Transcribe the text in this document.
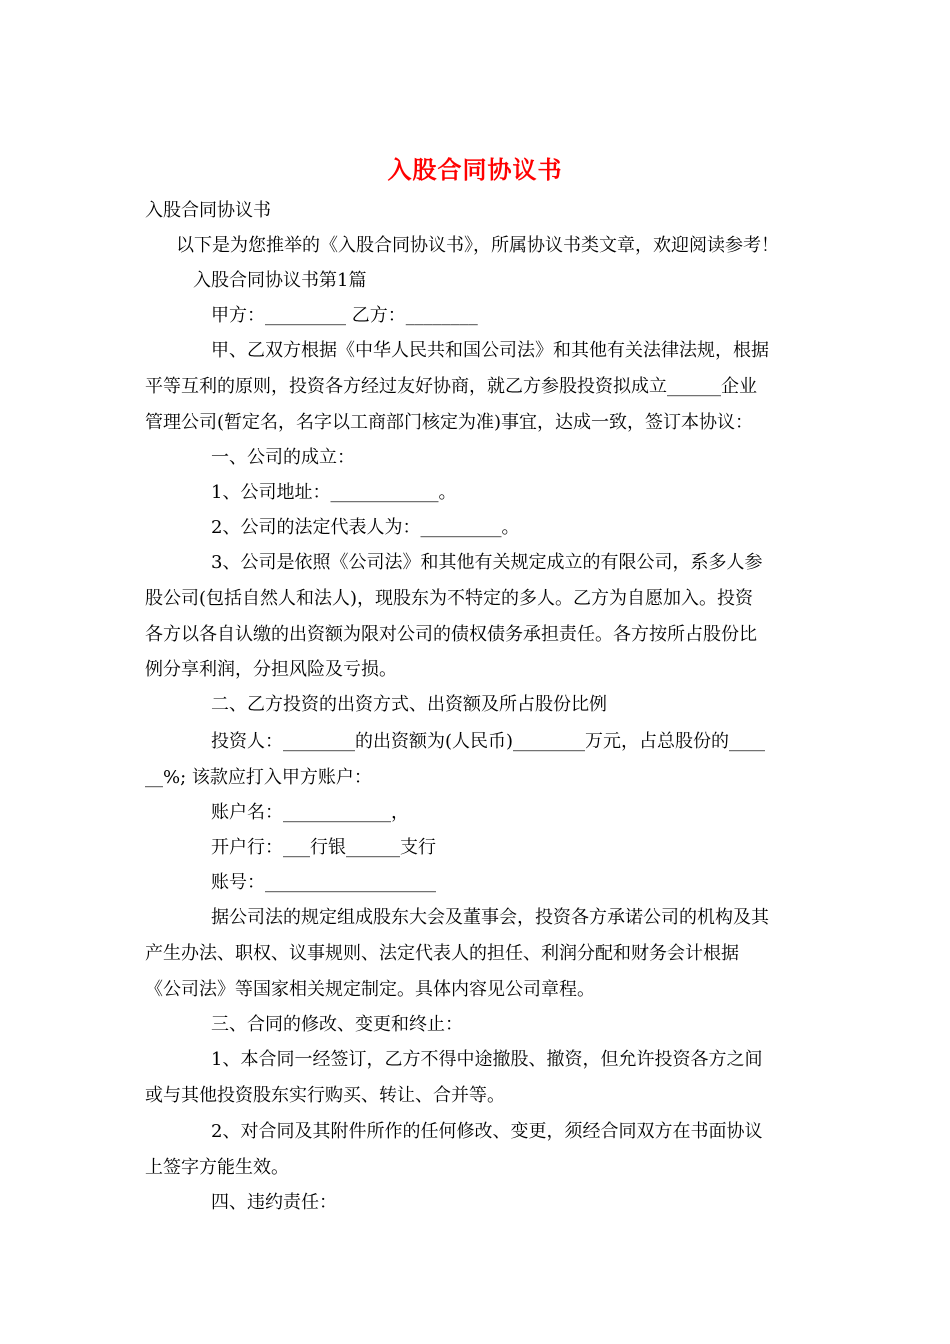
入股合同协议书
入股合同协议书
以下是为您推举的《入股合同协议书》，所属协议书类文章，欢迎阅读参考！
入股合同协议书第1篇
甲方：_________ 乙方：________
甲、乙双方根据《中华人民共和国公司法》和其他有关法律法规，根据
平等互利的原则，投资各方经过友好协商，就乙方参股投资拟成立______企业
管理公司(暂定名，名字以工商部门核定为准)事宜，达成一致，签订本协议：
一、公司的成立：
1、公司地址：____________。
2、公司的法定代表人为：_________。
3、公司是依照《公司法》和其他有关规定成立的有限公司，系多人参
股公司(包括自然人和法人)，现股东为不特定的多人。乙方为自愿加入。投资
各方以各自认缴的出资额为限对公司的债权债务承担责任。各方按所占股份比
例分享利润，分担风险及亏损。
二、乙方投资的出资方式、出资额及所占股份比例
投资人：________的出资额为(人民币)________万元，占总股份的____
__%; 该款应打入甲方账户：
账户名：____________，
开户行：___行银______支行
账号：___________________
据公司法的规定组成股东大会及董事会，投资各方承诺公司的机构及其
产生办法、职权、议事规则、法定代表人的担任、利润分配和财务会计根据
《公司法》等国家相关规定制定。具体内容见公司章程。
三、合同的修改、变更和终止：
1、本合同一经签订，乙方不得中途撤股、撤资，但允许投资各方之间
或与其他投资股东实行购买、转让、合并等。
2、对合同及其附件所作的任何修改、变更，须经合同双方在书面协议
上签字方能生效。
四、违约责任：
